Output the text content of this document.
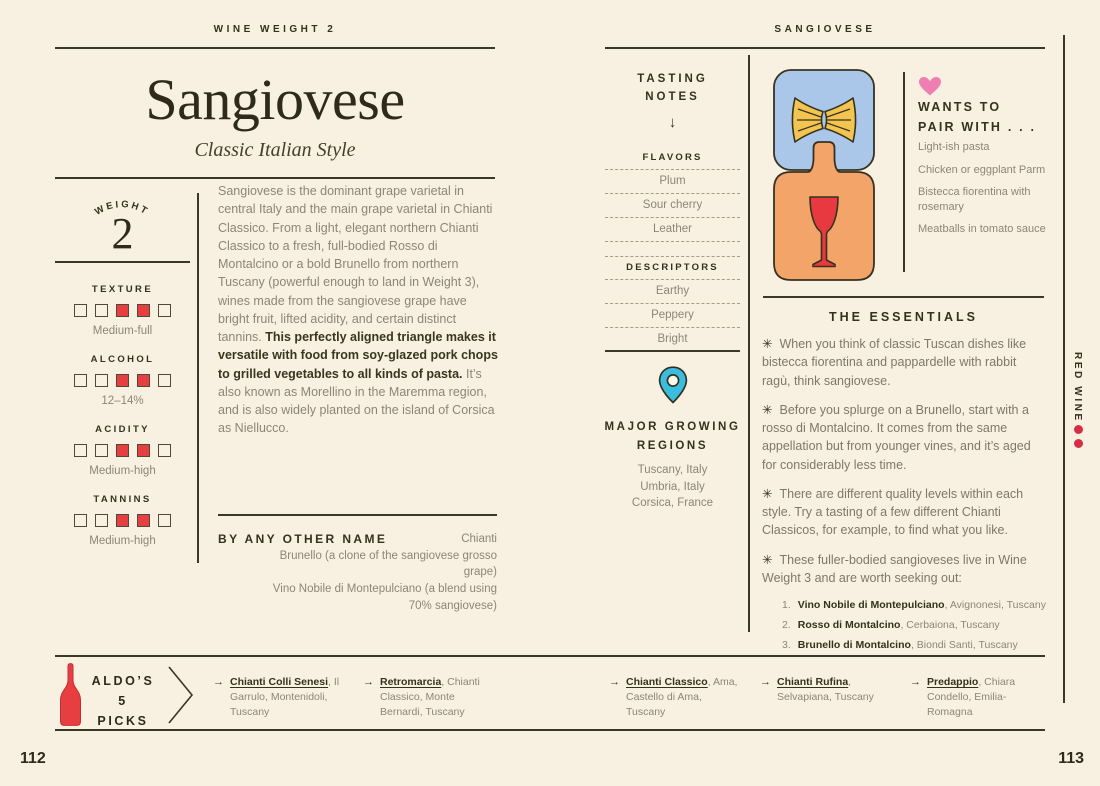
WINE WEIGHT 2
Sangiovese
Classic Italian Style
WEIGHT
2
TEXTURE
Medium-full
ALCOHOL
12–14%
ACIDITY
Medium-high
TANNINS
Medium-high

Sangiovese is the dominant grape varietal in central Italy and the main grape varietal in Chianti Classico. From a light, elegant northern Chianti Classico to a fresh, full-bodied Rosso di Montalcino or a bold Brunello from northern Tuscany (powerful enough to land in Weight 3), wines made from the sangiovese grape have bright fruit, lifted acidity, and certain distinct tannins. This perfectly aligned triangle makes it versatile with food from soy-glazed pork chops to grilled vegetables to all kinds of pasta. It’s also known as Morellino in the Maremma region, and is also widely planted on the island of Corsica as Niellucco.

BY ANY OTHER NAME	Chianti
Brunello (a clone of the sangiovese grosso grape)
Vino Nobile di Montepulciano (a blend using 70% sangiovese)
112
SANGIOVESE
TASTING
NOTES
↓
FLAVORS
Plum
Sour cherry
Leather
DESCRIPTORS
Earthy
Peppery
Bright
MAJOR GROWING
REGIONS
Tuscany, Italy
Umbria, Italy
Corsica, France
WANTS TO
PAIR WITH . . .
Light-ish pasta
Chicken or eggplant Parm
Bistecca fiorentina with rosemary
Meatballs in tomato sauce
THE ESSENTIALS

✳ When you think of classic Tuscan dishes like bistecca fiorentina and pappardelle with rabbit ragù, think sangiovese.

✳ Before you splurge on a Brunello, start with a rosso di Montalcino. It comes from the same appellation but from younger vines, and it’s aged for considerably less time.

✳ There are different quality levels within each style. Try a tasting of a few different Chianti Classicos, for example, to find what you like.

✳ These fuller-bodied sangioveses live in Wine Weight 3 and are worth seeking out:

1. Vino Nobile di Montepulciano, Avignonesi, Tuscany
2. Rosso di Montalcino, Cerbaiona, Tuscany
3. Brunello di Montalcino, Biondi Santi, Tuscany
RED WINE
113
ALDO’S
5
PICKS
→ Chianti Colli Senesi, Il Garrulo, Montenidoli, Tuscany
→ Retromarcia, Chianti Classico, Monte Bernardi, Tuscany
→ Chianti Classico, Ama, Castello di Ama, Tuscany
→ Chianti Rufina, Selvapiana, Tuscany
→ Predappio, Chiara Condello, Emilia-Romagna
